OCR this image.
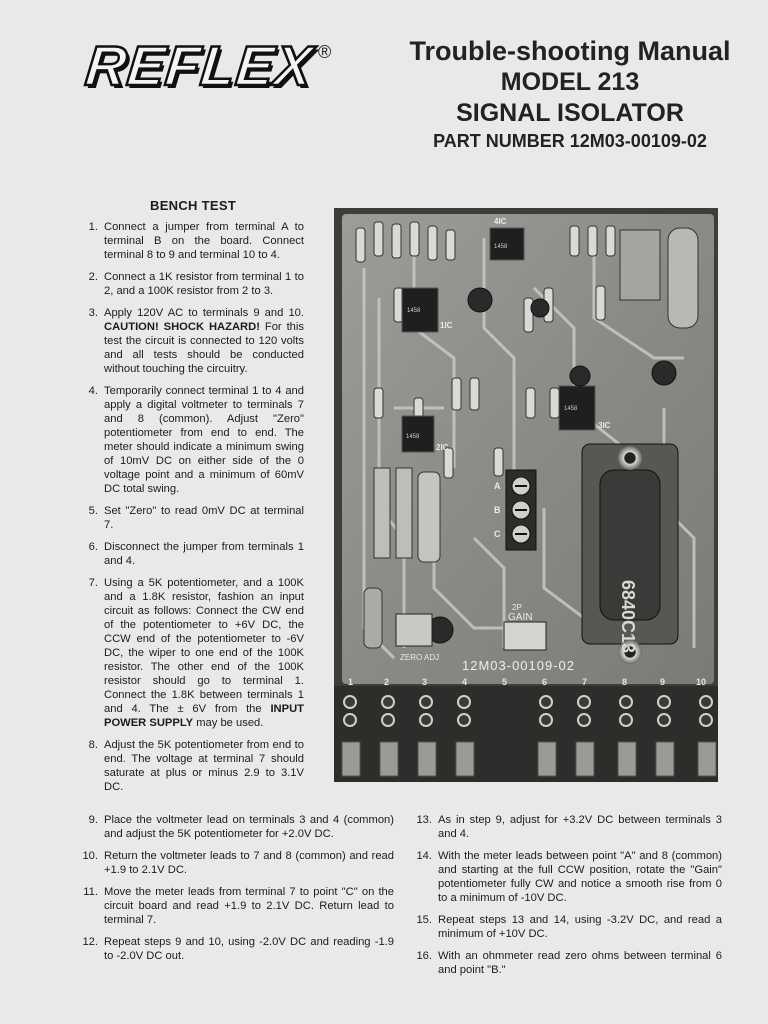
REFLEX ®	Trouble-shooting Manual
MODEL 213
SIGNAL ISOLATOR
PART NUMBER 12M03-00109-02
BENCH TEST
1. Connect a jumper from terminal A to terminal B on the board. Connect terminal 8 to 9 and terminal 10 to 4.
2. Connect a 1K resistor from terminal 1 to 2, and a 100K resistor from 2 to 3.
3. Apply 120V AC to terminals 9 and 10. CAUTION! SHOCK HAZARD! For this test the circuit is connected to 120 volts and all tests should be conducted without touching the circuitry.
4. Temporarily connect terminal 1 to 4 and apply a digital voltmeter to terminals 7 and 8 (common). Adjust "Zero" potentiometer from end to end. The meter should indicate a minimum swing of 10mV DC on either side of the 0 voltage point and a minimum of 60mV DC total swing.
5. Set "Zero" to read 0mV DC at terminal 7.
6. Disconnect the jumper from terminals 1 and 4.
7. Using a 5K potentiometer, and a 100K and a 1.8K resistor, fashion an input circuit as follows: Connect the CW end of the potentiometer to +6V DC, the CCW end of the potentiometer to -6V DC, the wiper to one end of the 100K resistor. The other end of the 100K resistor should go to terminal 1. Connect the 1.8K between terminals 1 and 4. The ± 6V from the INPUT POWER SUPPLY may be used.
8. Adjust the 5K potentiometer from end to end. The voltage at terminal 7 should saturate at plus or minus 2.9 to 3.1V DC.
9. Place the voltmeter lead on terminals 3 and 4 (common) and adjust the 5K potentiometer for +2.0V DC.
10. Return the voltmeter leads to 7 and 8 (common) and read +1.9 to 2.1V DC.
11. Move the meter leads from terminal 7 to point "C" on the circuit board and read +1.9 to 2.1V DC. Return lead to terminal 7.
12. Repeat steps 9 and 10, using -2.0V DC and reading -1.9 to -2.0V DC out.
13. As in step 9, adjust for +3.2V DC between terminals 3 and 4.
14. With the meter leads between point "A" and 8 (common) and starting at the full CCW position, rotate the "Gain" potentiometer fully CW and notice a smooth rise from 0 to a minimum of -10V DC.
15. Repeat steps 13 and 14, using -3.2V DC, and read a minimum of +10V DC.
16. With an ohmmeter read zero ohms between terminal 6 and point "B."
1458
1458
1458
1458
1IC
2IC
3IC
4IC
A
B
C
6840C13
GAIN
2P
ZERO ADJ
12M03-00109-02
1	2	3	4	5	6	7	8	9	10
